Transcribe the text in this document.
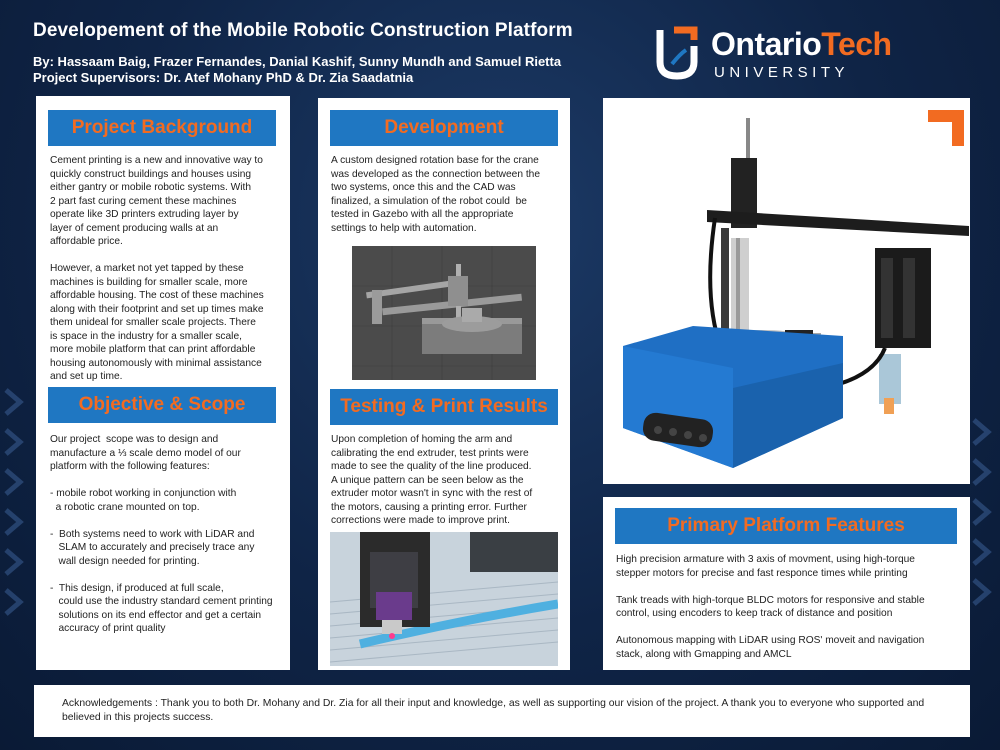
Developement of the Mobile Robotic Construction Platform
By: Hassaam Baig, Frazer Fernandes, Danial Kashif, Sunny Mundh and Samuel Rietta
Project Supervisors: Dr. Atef Mohany PhD & Dr. Zia Saadatnia
OntarioTech
UNIVERSITY
Project Background
Cement printing is a new and innovative way to
quickly construct buildings and houses using
either gantry or mobile robotic systems. With
2 part fast curing cement these machines
operate like 3D printers extruding layer by
layer of cement producing walls at an
affordable price.

However, a market not yet tapped by these
machines is building for smaller scale, more
affordable housing. The cost of these machines
along with their footprint and set up times make
them unideal for smaller scale projects. There
is space in the industry for a smaller scale,
more mobile platform that can print affordable
housing autonomously with minimal assistance
and set up time.
Objective & Scope
Our project  scope was to design and
manufacture a ⅓ scale demo model of our
platform with the following features:

- mobile robot working in conjunction with
a robotic crane mounted on top.

-  Both systems need to work with LiDAR and
SLAM to accurately and precisely trace any
wall design needed for printing.

-  This design, if produced at full scale,
could use the industry standard cement printing
solutions on its end effector and get a certain
accuracy of print quality
Development
A custom designed rotation base for the crane
was developed as the connection between the
two systems, once this and the CAD was
finalized, a simulation of the robot could  be
tested in Gazebo with all the appropriate
settings to help with automation.
Testing & Print Results
Upon completion of homing the arm and
calibrating the end extruder, test prints were
made to see the quality of the line produced.
A unique pattern can be seen below as the
extruder motor wasn't in sync with the rest of
the motors, causing a printing error. Further
corrections were made to improve print.	Primary Platform Features
High precision armature with 3 axis of movment, using high-torque
stepper motors for precise and fast responce times while printing

Tank treads with high-torque BLDC motors for responsive and stable
control, using encoders to keep track of distance and position

Autonomous mapping with LiDAR using ROS' moveit and navigation
stack, along with Gmapping and AMCL
Acknowledgements : Thank you to both Dr. Mohany and Dr. Zia for all their input and knowledge, as well as supporting our vision of the project. A thank you to everyone who supported and believed in this projects success.
